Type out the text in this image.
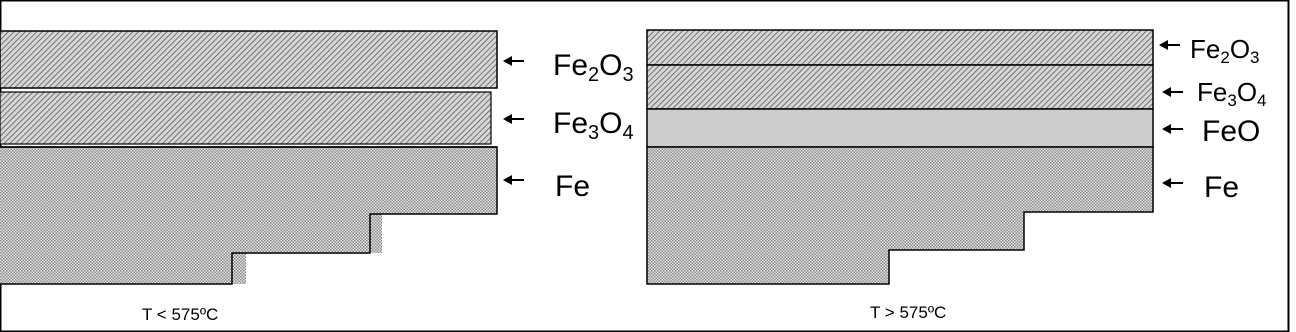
$Fe_2O_3$
$Fe_3O_4$
Fe
T < 575ºC
Fe2O3
Fe3O4
FeO
Fe
T > 575ºC
